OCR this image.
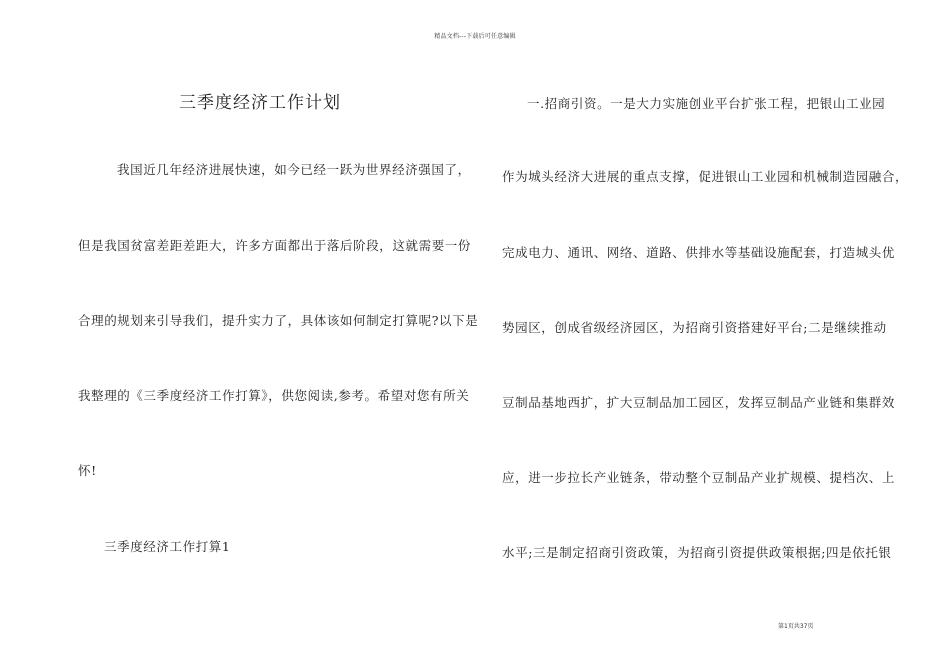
精品文档---下载后可任意编辑
三季度经济工作计划
我国近几年经济进展快速，如今已经一跃为世界经济强国了，
但是我国贫富差距差距大，许多方面都出于落后阶段，这就需要一份
合理的规划来引导我们，提升实力了，具体该如何制定打算呢?以下是
我整理的《三季度经济工作打算》，供您阅读,参考。希望对您有所关
怀!
三季度经济工作打算1
一.招商引资。一是大力实施创业平台扩张工程，把银山工业园
作为城头经济大进展的重点支撑，促进银山工业园和机械制造园融合，
完成电力、通讯、网络、道路、供排水等基础设施配套，打造城头优
势园区，创成省级经济园区，为招商引资搭建好平台;二是继续推动
豆制品基地西扩，扩大豆制品加工园区，发挥豆制品产业链和集群效
应，进一步拉长产业链条，带动整个豆制品产业扩规模、提档次、上
水平;三是制定招商引资政策，为招商引资提供政策根据;四是依托银
第1页共37页
